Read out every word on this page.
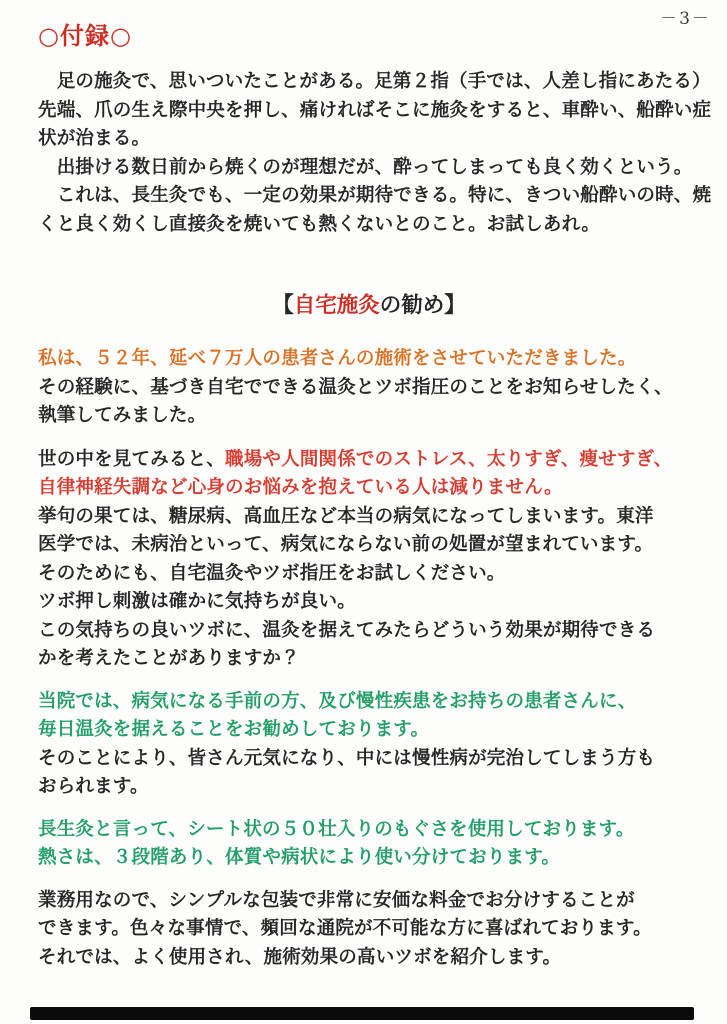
－3－
○付録○

　足の施灸で、思いついたことがある。足第２指（手では、人差し指にあたる）

先端、爪の生え際中央を押し、痛ければそこに施灸をすると、車酔い、船酔い症

状が治まる。

　出掛ける数日前から焼くのが理想だが、酔ってしまっても良く効くという。

　これは、長生灸でも、一定の効果が期待できる。特に、きつい船酔いの時、焼

くと良く効くし直接灸を焼いても熱くないとのこと。お試しあれ。

【自宅施灸の勧め】

私は、５２年、延べ７万人の患者さんの施術をさせていただきました。

その経験に、基づき自宅でできる温灸とツボ指圧のことをお知らせしたく、

執筆してみました。

世の中を見てみると、職場や人間関係でのストレス、太りすぎ、痩せすぎ、

自律神経失調など心身のお悩みを抱えている人は減りません。

挙句の果ては、糖尿病、高血圧など本当の病気になってしまいます。東洋

医学では、未病治といって、病気にならない前の処置が望まれています。

そのためにも、自宅温灸やツボ指圧をお試しください。

ツボ押し刺激は確かに気持ちが良い。

この気持ちの良いツボに、温灸を据えてみたらどういう効果が期待できる

かを考えたことがありますか？

当院では、病気になる手前の方、及び慢性疾患をお持ちの患者さんに、

毎日温灸を据えることをお勧めしております。

そのことにより、皆さん元気になり、中には慢性病が完治してしまう方も

おられます。

長生灸と言って、シート状の５０壮入りのもぐさを使用しております。

熱さは、３段階あり、体質や病状により使い分けております。

業務用なので、シンプルな包装で非常に安価な料金でお分けすることが

できます。色々な事情で、頻回な通院が不可能な方に喜ばれております。

それでは、よく使用され、施術効果の高いツボを紹介します。
